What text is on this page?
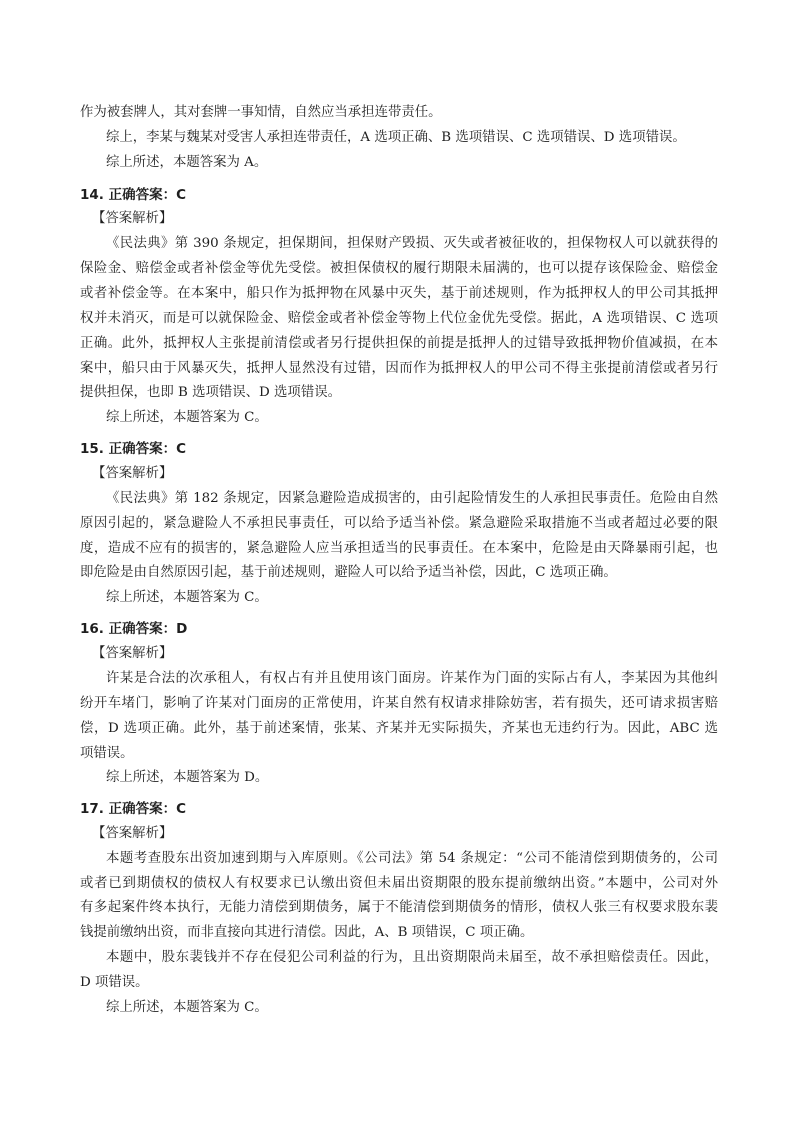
作为被套牌人，其对套牌一事知情，自然应当承担连带责任。
综上，李某与魏某对受害人承担连带责任，A 选项正确、B 选项错误、C 选项错误、D 选项错误。
综上所述，本题答案为 A。
14. 正确答案：C
【答案解析】
《民法典》第 390 条规定，担保期间，担保财产毁损、灭失或者被征收的，担保物权人可以就获得的
保险金、赔偿金或者补偿金等优先受偿。被担保债权的履行期限未届满的，也可以提存该保险金、赔偿金
或者补偿金等。在本案中，船只作为抵押物在风暴中灭失，基于前述规则，作为抵押权人的甲公司其抵押
权并未消灭，而是可以就保险金、赔偿金或者补偿金等物上代位金优先受偿。据此，A 选项错误、C 选项
正确。此外，抵押权人主张提前清偿或者另行提供担保的前提是抵押人的过错导致抵押物价值减损，在本
案中，船只由于风暴灭失，抵押人显然没有过错，因而作为抵押权人的甲公司不得主张提前清偿或者另行
提供担保，也即 B 选项错误、D 选项错误。
综上所述，本题答案为 C。
15. 正确答案：C
【答案解析】
《民法典》第 182 条规定，因紧急避险造成损害的，由引起险情发生的人承担民事责任。危险由自然
原因引起的，紧急避险人不承担民事责任，可以给予适当补偿。紧急避险采取措施不当或者超过必要的限
度，造成不应有的损害的，紧急避险人应当承担适当的民事责任。在本案中，危险是由天降暴雨引起，也
即危险是由自然原因引起，基于前述规则，避险人可以给予适当补偿，因此，C 选项正确。
综上所述，本题答案为 C。
16. 正确答案：D
【答案解析】
许某是合法的次承租人，有权占有并且使用该门面房。许某作为门面的实际占有人，李某因为其他纠
纷开车堵门，影响了许某对门面房的正常使用，许某自然有权请求排除妨害，若有损失，还可请求损害赔
偿，D 选项正确。此外，基于前述案情，张某、齐某并无实际损失，齐某也无违约行为。因此，ABC 选
项错误。
综上所述，本题答案为 D。
17. 正确答案：C
【答案解析】
本题考查股东出资加速到期与入库原则。《公司法》第 54 条规定：“公司不能清偿到期债务的，公司
或者已到期债权的债权人有权要求已认缴出资但未届出资期限的股东提前缴纳出资。”本题中，公司对外
有多起案件终本执行，无能力清偿到期债务，属于不能清偿到期债务的情形，债权人张三有权要求股东裴
钱提前缴纳出资，而非直接向其进行清偿。因此，A、B 项错误，C 项正确。
本题中，股东裴钱并不存在侵犯公司利益的行为，且出资期限尚未届至，故不承担赔偿责任。因此，
D 项错误。
综上所述，本题答案为 C。
